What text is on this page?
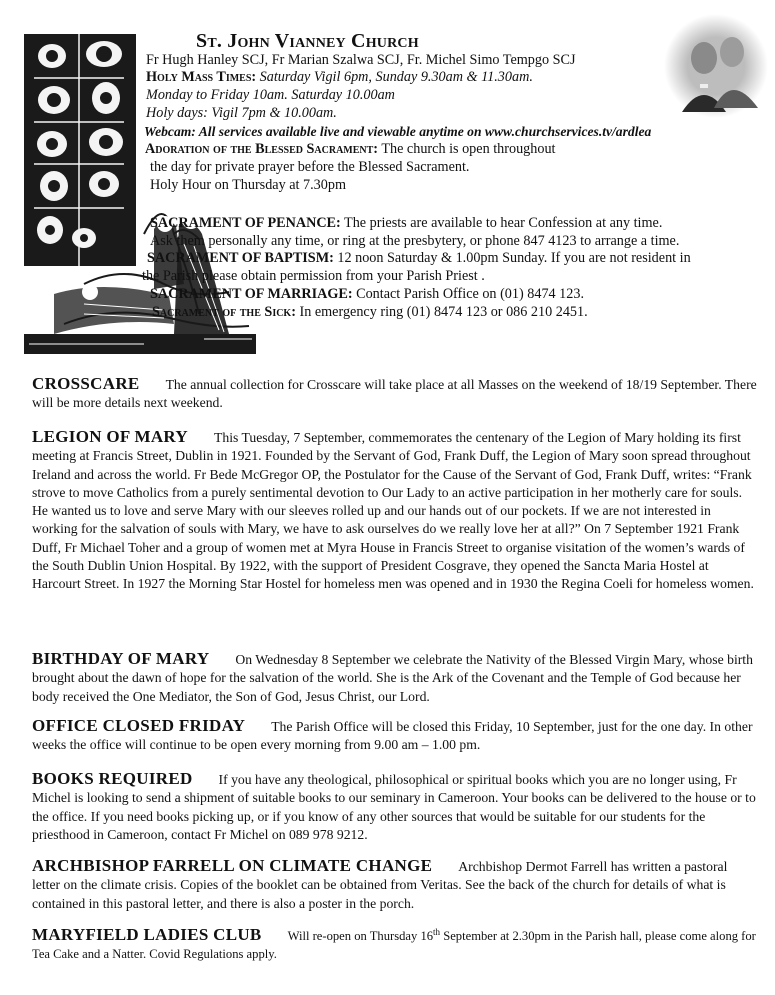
St. John Vianney Church
Fr Hugh Hanley SCJ, Fr Marian Szalwa SCJ, Fr. Michel Simo Tempgo SCJ
Holy Mass Times: Saturday Vigil 6pm, Sunday 9.30am & 11.30am.
Monday to Friday 10am. Saturday 10.00am
Holy days: Vigil 7pm & 10.00am.
Webcam: All services available live and viewable anytime on www.churchservices.tv/ardlea
Adoration of the Blessed Sacrament: The church is open throughout
the day for private prayer before the Blessed Sacrament.
Holy Hour on Thursday at 7.30pm
SACRAMENT OF PENANCE: The priests are available to hear Confession at any time.
Ask them personally any time, or ring at the presbytery, or phone 847 4123 to arrange a time.
SACRAMENT OF BAPTISM: 12 noon Saturday & 1.00pm Sunday. If you are not resident in
the Parish please obtain permission from your Parish Priest .
SACRAMENT OF MARRIAGE: Contact Parish Office on (01) 8474 123.
Sacrament of the Sick: In emergency ring (01) 8474 123 or 086 210 2451.
CROSSCARE The annual collection for Crosscare will take place at all Masses on the weekend of 18/19 September. There will be more details next weekend.
LEGION OF MARY This Tuesday, 7 September, commemorates the centenary of the Legion of Mary holding its first meeting at Francis Street, Dublin in 1921. Founded by the Servant of God, Frank Duff, the Legion of Mary soon spread throughout Ireland and across the world. Fr Bede McGregor OP, the Postulator for the Cause of the Servant of God, Frank Duff, writes: “Frank strove to move Catholics from a purely sentimental devotion to Our Lady to an active participation in her motherly care for souls. He wanted us to love and serve Mary with our sleeves rolled up and our hands out of our pockets. If we are not interested in working for the salvation of souls with Mary, we have to ask ourselves do we really love her at all?” On 7 September 1921 Frank Duff, Fr Michael Toher and a group of women met at Myra House in Francis Street to organise visitation of the women’s wards of the South Dublin Union Hospital. By 1922, with the support of President Cosgrave, they opened the Sancta Maria Hostel at Harcourt Street. In 1927 the Morning Star Hostel for homeless men was opened and in 1930 the Regina Coeli for homeless women.
BIRTHDAY OF MARY On Wednesday 8 September we celebrate the Nativity of the Blessed Virgin Mary, whose birth brought about the dawn of hope for the salvation of the world. She is the Ark of the Covenant and the Temple of God because her body received the One Mediator, the Son of God, Jesus Christ, our Lord.
OFFICE CLOSED FRIDAY The Parish Office will be closed this Friday, 10 September, just for the one day. In other weeks the office will continue to be open every morning from 9.00 am – 1.00 pm.
BOOKS REQUIRED If you have any theological, philosophical or spiritual books which you are no longer using, Fr Michel is looking to send a shipment of suitable books to our seminary in Cameroon. Your books can be delivered to the house or to the office. If you need books picking up, or if you know of any other sources that would be suitable for our students for the priesthood in Cameroon, contact Fr Michel on 089 978 9212.
ARCHBISHOP FARRELL ON CLIMATE CHANGE Archbishop Dermot Farrell has written a pastoral letter on the climate crisis. Copies of the booklet can be obtained from Veritas. See the back of the church for details of what is contained in this pastoral letter, and there is also a poster in the porch.
MARYFIELD LADIES CLUB Will re-open on Thursday 16th September at 2.30pm in the Parish hall, please come along for Tea Cake and a Natter. Covid Regulations apply.
